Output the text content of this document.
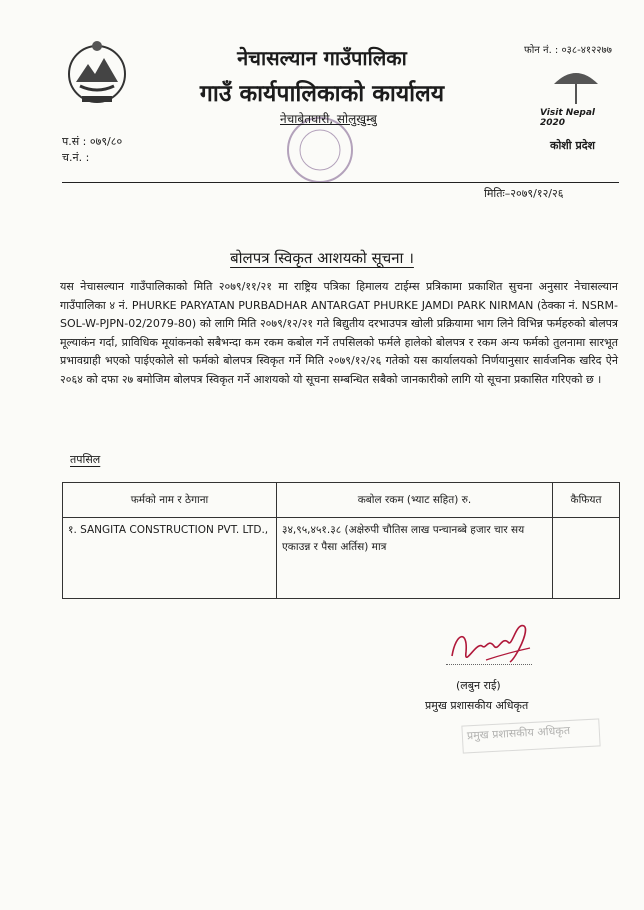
Visit Nepal 2020
नेचासल्यान गाउँपालिका
गाउँ कार्यपालिकाको कार्यालय
नेचाबेतघारी, सोलुखुम्बु
फोन नं. : ०३८-४१२२७७
कोशी प्रदेश
प.सं : ०७९/८०
च.नं. :
मितिः–२०७९/१२/२६
बोलपत्र स्विकृत आशयको सूचना ।
यस नेचासल्यान गाउँपालिकाको मिति २०७९/११/२१ मा राष्ट्रिय पत्रिका हिमालय टाईम्स प्रत्रिकामा प्रकाशित सुचना अनुसार नेचासल्यान गाउँपालिका ४ नं. PHURKE PARYATAN PURBADHAR ANTARGAT PHURKE JAMDI PARK NIRMAN (ठेक्का नं. NSRM-SOL-W-PJPN-02/2079-80) को लागि मिति २०७९/१२/२१ गते बिद्युतीय दरभाउपत्र खोली प्रक्रियामा भाग लिने विभिन्न फर्महरुको बोलपत्र मूल्याकंन गर्दा, प्राविधिक मूयांकनको सबैभन्दा कम रकम कबोल गर्ने तपसिलको फर्मले हालेको बोलपत्र र रकम अन्य फर्मको तुलनामा सारभूत प्रभावग्राही भएको पाईएकोले सो फर्मको बोलपत्र स्विकृत गर्ने मिति २०७९/१२/२६ गतेको यस कार्यालयको निर्णयानुसार सार्वजनिक खरिद ऐने २०६४ को दफा २७ बमोजिम बोलपत्र स्विकृत गर्ने आशयको यो सूचना सम्बन्धित सबैको जानकारीको लागि यो सूचना प्रकासित गरिएको छ ।
तपसिल
फर्मको नाम र ठेगाना	कबोल रकम (भ्याट सहित) रु.	कैफियत
१. SANGITA CONSTRUCTION PVT. LTD.,	३४,९५,४५१.३८ (अक्षेरुपी चौतिस लाख पन्चानब्बे हजार चार सय एकाउन्न र पैसा अर्तिस) मात्र	
(लबुन राई)
प्रमुख प्रशासकीय अधिकृत
प्रमुख प्रशासकीय अधिकृत
